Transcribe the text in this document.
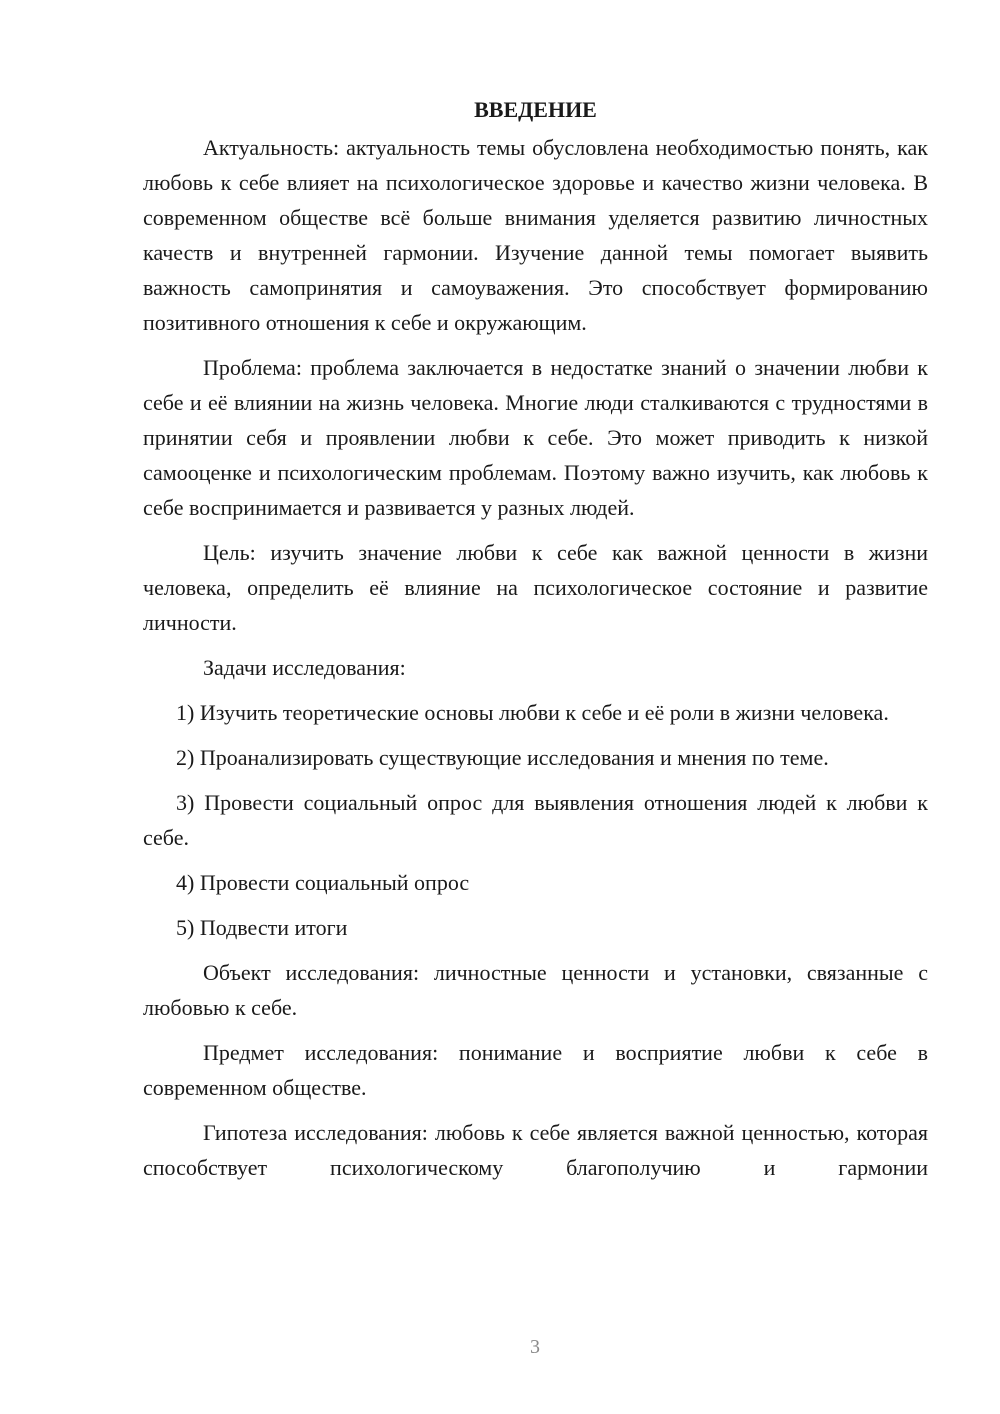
ВВЕДЕНИЕ

Актуальность: актуальность темы обусловлена необходимостью понять, как любовь к себе влияет на психологическое здоровье и качество жизни человека. В современном обществе всё больше внимания уделяется развитию личностных качеств и внутренней гармонии. Изучение данной темы помогает выявить важность самопринятия и самоуважения. Это способствует формированию позитивного отношения к себе и окружающим.

Проблема: проблема заключается в недостатке знаний о значении любви к себе и её влиянии на жизнь человека. Многие люди сталкиваются с трудностями в принятии себя и проявлении любви к себе. Это может приводить к низкой самооценке и психологическим проблемам. Поэтому важно изучить, как любовь к себе воспринимается и развивается у разных людей.

Цель: изучить значение любви к себе как важной ценности в жизни человека, определить её влияние на психологическое состояние и развитие личности.

Задачи исследования:

1) Изучить теоретические основы любви к себе и её роли в жизни человека.

2) Проанализировать существующие исследования и мнения по теме.

3) Провести социальный опрос для выявления отношения людей к любви к себе.

4) Провести социальный опрос

5) Подвести итоги

Объект исследования: личностные ценности и установки, связанные с любовью к себе.

Предмет исследования: понимание и восприятие любви к себе в современном обществе.

Гипотеза исследования: любовь к себе является важной ценностью, которая способствует психологическому благополучию и гармонии

3
